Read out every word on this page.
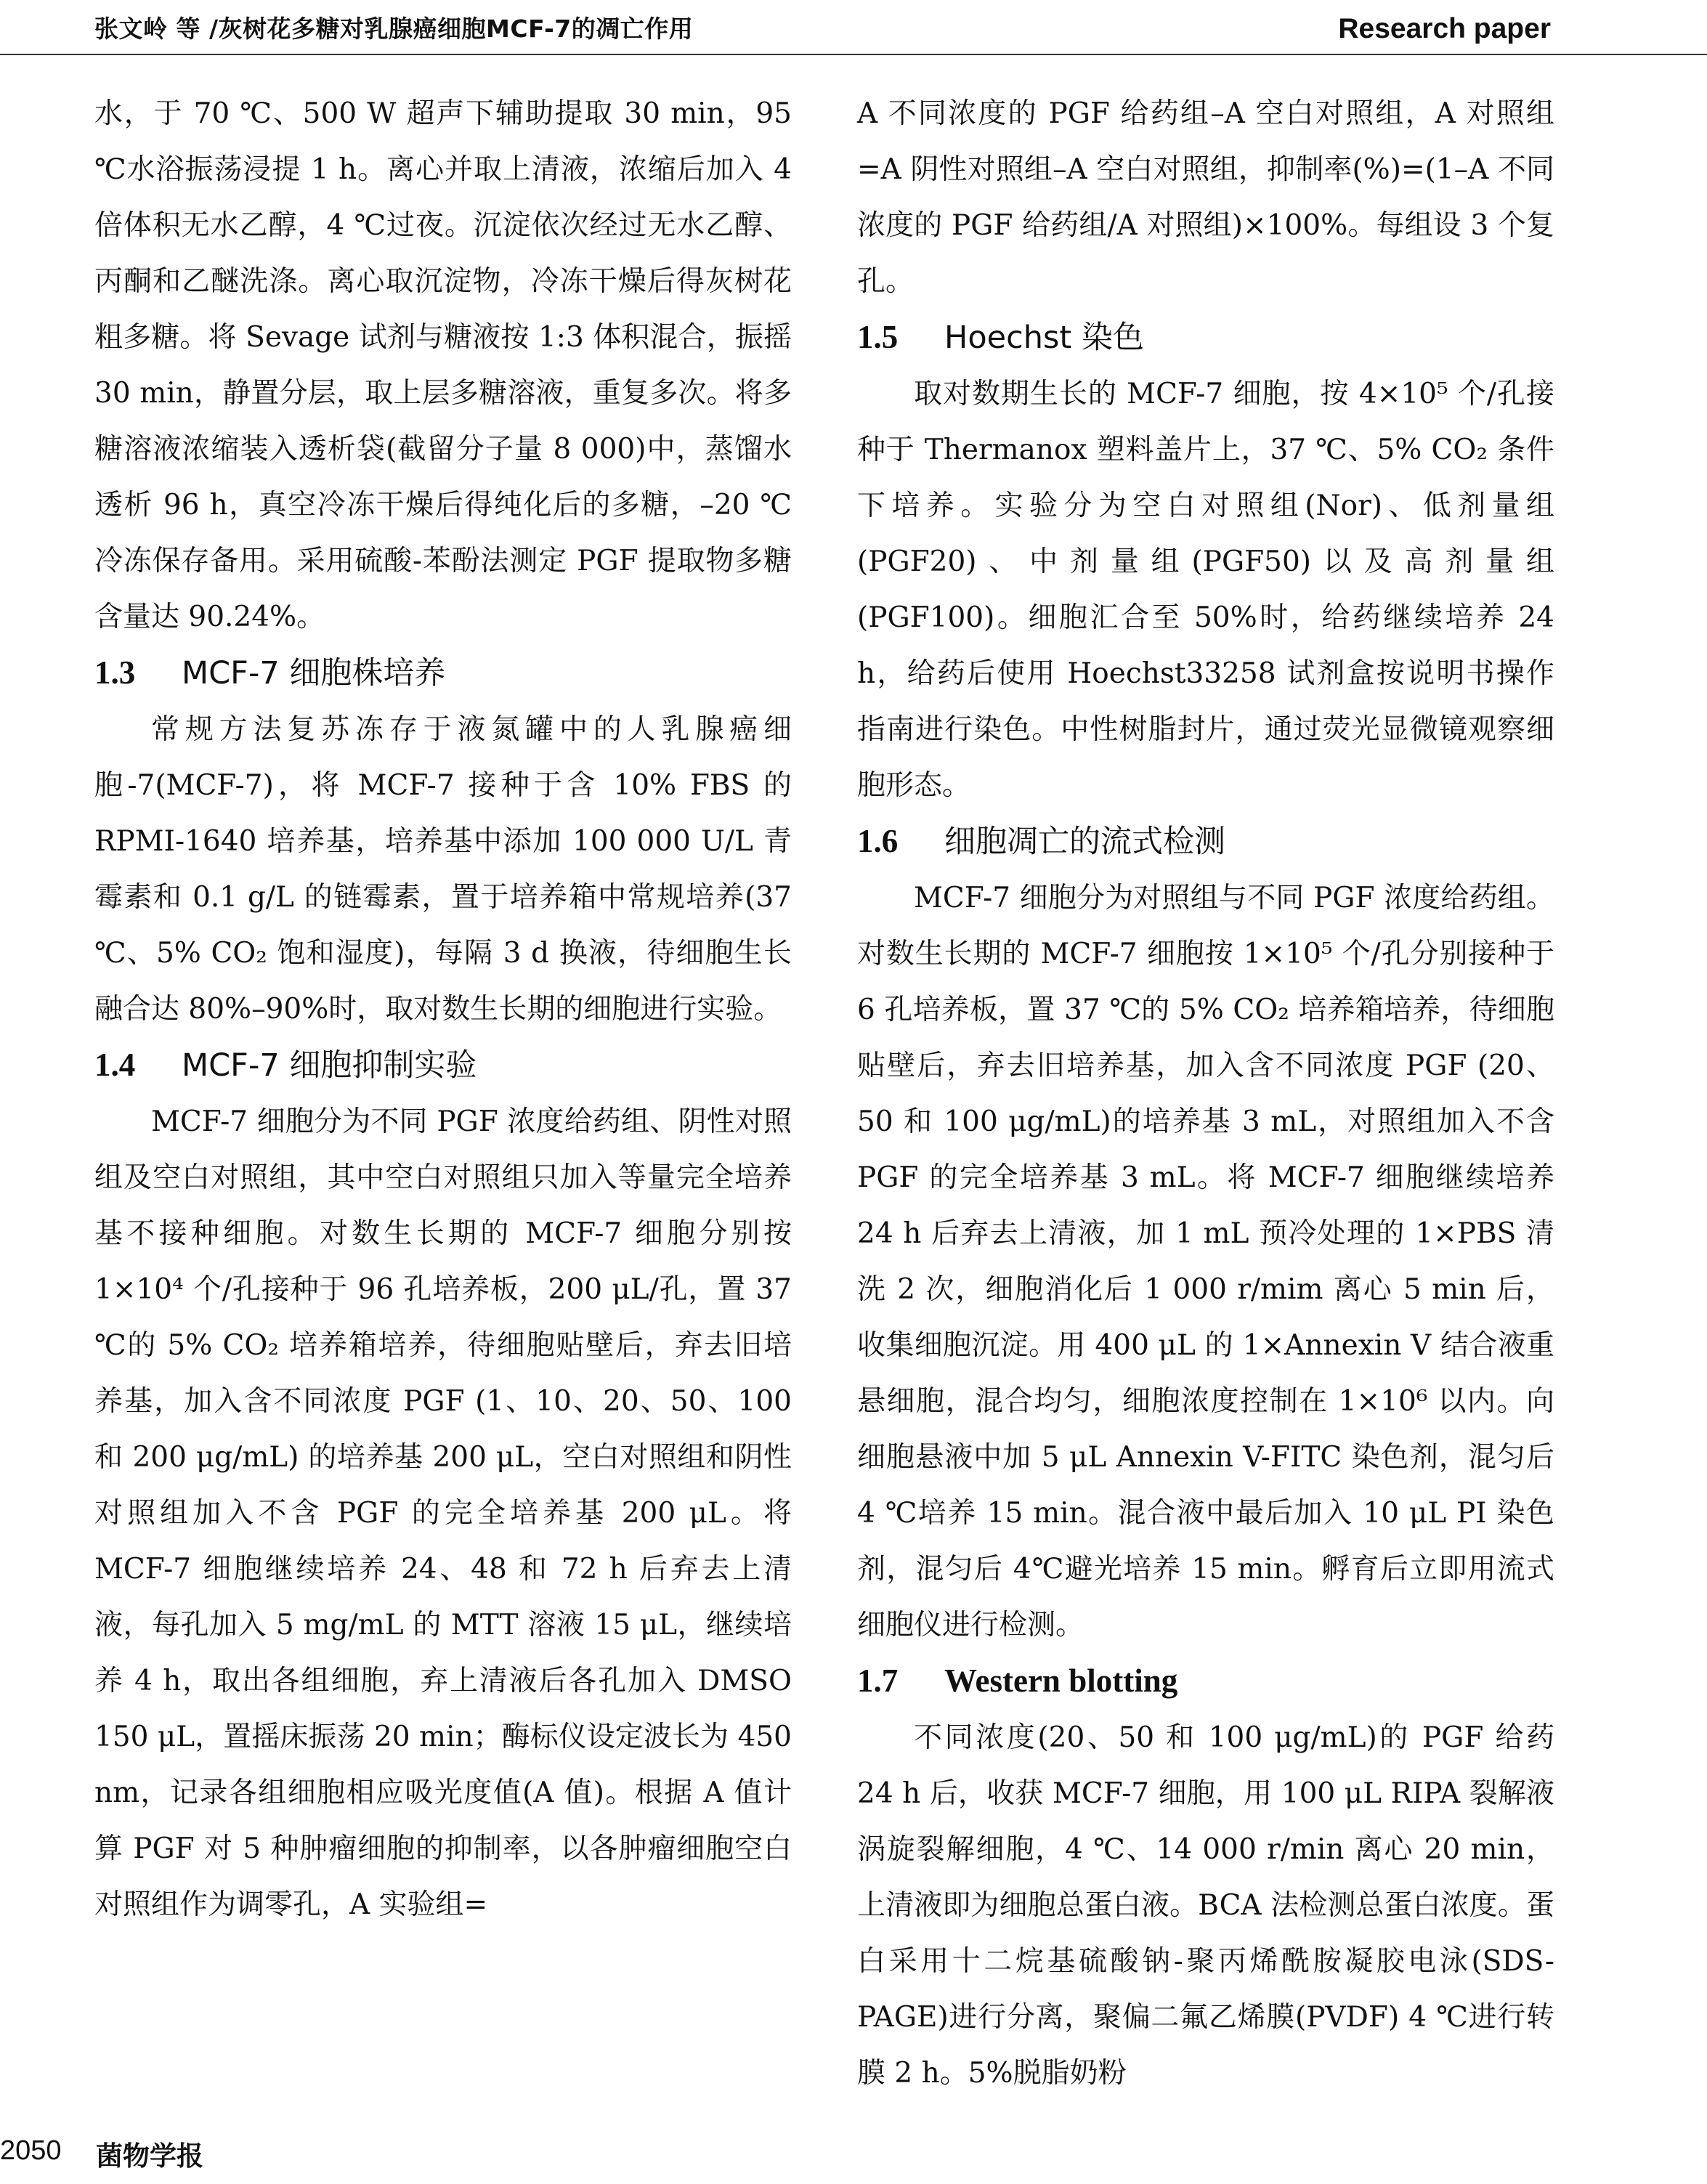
张文岭 等 /灰树花多糖对乳腺癌细胞MCF-7的凋亡作用	Research paper

水，于 70 ℃、500 W 超声下辅助提取 30 min，95 ℃水浴振荡浸提 1 h。离心并取上清液，浓缩后加入 4 倍体积无水乙醇，4 ℃过夜。沉淀依次经过无水乙醇、丙酮和乙醚洗涤。离心取沉淀物，冷冻干燥后得灰树花粗多糖。将 Sevage 试剂与糖液按 1:3 体积混合，振摇 30 min，静置分层，取上层多糖溶液，重复多次。将多糖溶液浓缩装入透析袋(截留分子量 8 000)中，蒸馏水透析 96 h，真空冷冻干燥后得纯化后的多糖，–20 ℃冷冻保存备用。采用硫酸-苯酚法测定 PGF 提取物多糖含量达 90.24%。

1.3 MCF-7 细胞株培养

常规方法复苏冻存于液氮罐中的人乳腺癌细胞-7(MCF-7)，将 MCF-7 接种于含 10% FBS 的 RPMI-1640 培养基，培养基中添加 100 000 U/L 青霉素和 0.1 g/L 的链霉素，置于培养箱中常规培养(37 ℃、5% CO₂ 饱和湿度)，每隔 3 d 换液，待细胞生长融合达 80%–90%时，取对数生长期的细胞进行实验。

1.4 MCF-7 细胞抑制实验

MCF-7 细胞分为不同 PGF 浓度给药组、阴性对照组及空白对照组，其中空白对照组只加入等量完全培养基不接种细胞。对数生长期的 MCF-7 细胞分别按 1×10⁴ 个/孔接种于 96 孔培养板，200 μL/孔，置 37 ℃的 5% CO₂ 培养箱培养，待细胞贴壁后，弃去旧培养基，加入含不同浓度 PGF (1、10、20、50、100 和 200 μg/mL) 的培养基 200 μL，空白对照组和阴性对照组加入不含 PGF 的完全培养基 200 μL。将 MCF-7 细胞继续培养 24、48 和 72 h 后弃去上清液，每孔加入 5 mg/mL 的 MTT 溶液 15 μL，继续培养 4 h，取出各组细胞，弃上清液后各孔加入 DMSO 150 μL，置摇床振荡 20 min；酶标仪设定波长为 450 nm，记录各组细胞相应吸光度值(A 值)。根据 A 值计算 PGF 对 5 种肿瘤细胞的抑制率，以各肿瘤细胞空白对照组作为调零孔，A 实验组=

A 不同浓度的 PGF 给药组–A 空白对照组，A 对照组=A 阴性对照组–A 空白对照组，抑制率(%)=(1–A 不同浓度的 PGF 给药组/A 对照组)×100%。每组设 3 个复孔。

1.5 Hoechst 染色

取对数期生长的 MCF-7 细胞，按 4×10⁵ 个/孔接种于 Thermanox 塑料盖片上，37 ℃、5% CO₂ 条件下培养。实验分为空白对照组(Nor)、低剂量组(PGF20)、中剂量组(PGF50)以及高剂量组(PGF100)。细胞汇合至 50%时，给药继续培养 24 h，给药后使用 Hoechst33258 试剂盒按说明书操作指南进行染色。中性树脂封片，通过荧光显微镜观察细胞形态。

1.6 细胞凋亡的流式检测

MCF-7 细胞分为对照组与不同 PGF 浓度给药组。对数生长期的 MCF-7 细胞按 1×10⁵ 个/孔分别接种于 6 孔培养板，置 37 ℃的 5% CO₂ 培养箱培养，待细胞贴壁后，弃去旧培养基，加入含不同浓度 PGF (20、50 和 100 μg/mL)的培养基 3 mL，对照组加入不含 PGF 的完全培养基 3 mL。将 MCF-7 细胞继续培养 24 h 后弃去上清液，加 1 mL 预冷处理的 1×PBS 清洗 2 次，细胞消化后 1 000 r/mim 离心 5 min 后，收集细胞沉淀。用 400 μL 的 1×Annexin V 结合液重悬细胞，混合均匀，细胞浓度控制在 1×10⁶ 以内。向细胞悬液中加 5 μL Annexin V-FITC 染色剂，混匀后 4 ℃培养 15 min。混合液中最后加入 10 μL PI 染色剂，混匀后 4℃避光培养 15 min。孵育后立即用流式细胞仪进行检测。

1.7 Western blotting

不同浓度(20、50 和 100 μg/mL)的 PGF 给药 24 h 后，收获 MCF-7 细胞，用 100 μL RIPA 裂解液涡旋裂解细胞，4 ℃、14 000 r/min 离心 20 min，上清液即为细胞总蛋白液。BCA 法检测总蛋白浓度。蛋白采用十二烷基硫酸钠-聚丙烯酰胺凝胶电泳(SDS-PAGE)进行分离，聚偏二氟乙烯膜(PVDF) 4 ℃进行转膜 2 h。5%脱脂奶粉

2050 菌物学报
